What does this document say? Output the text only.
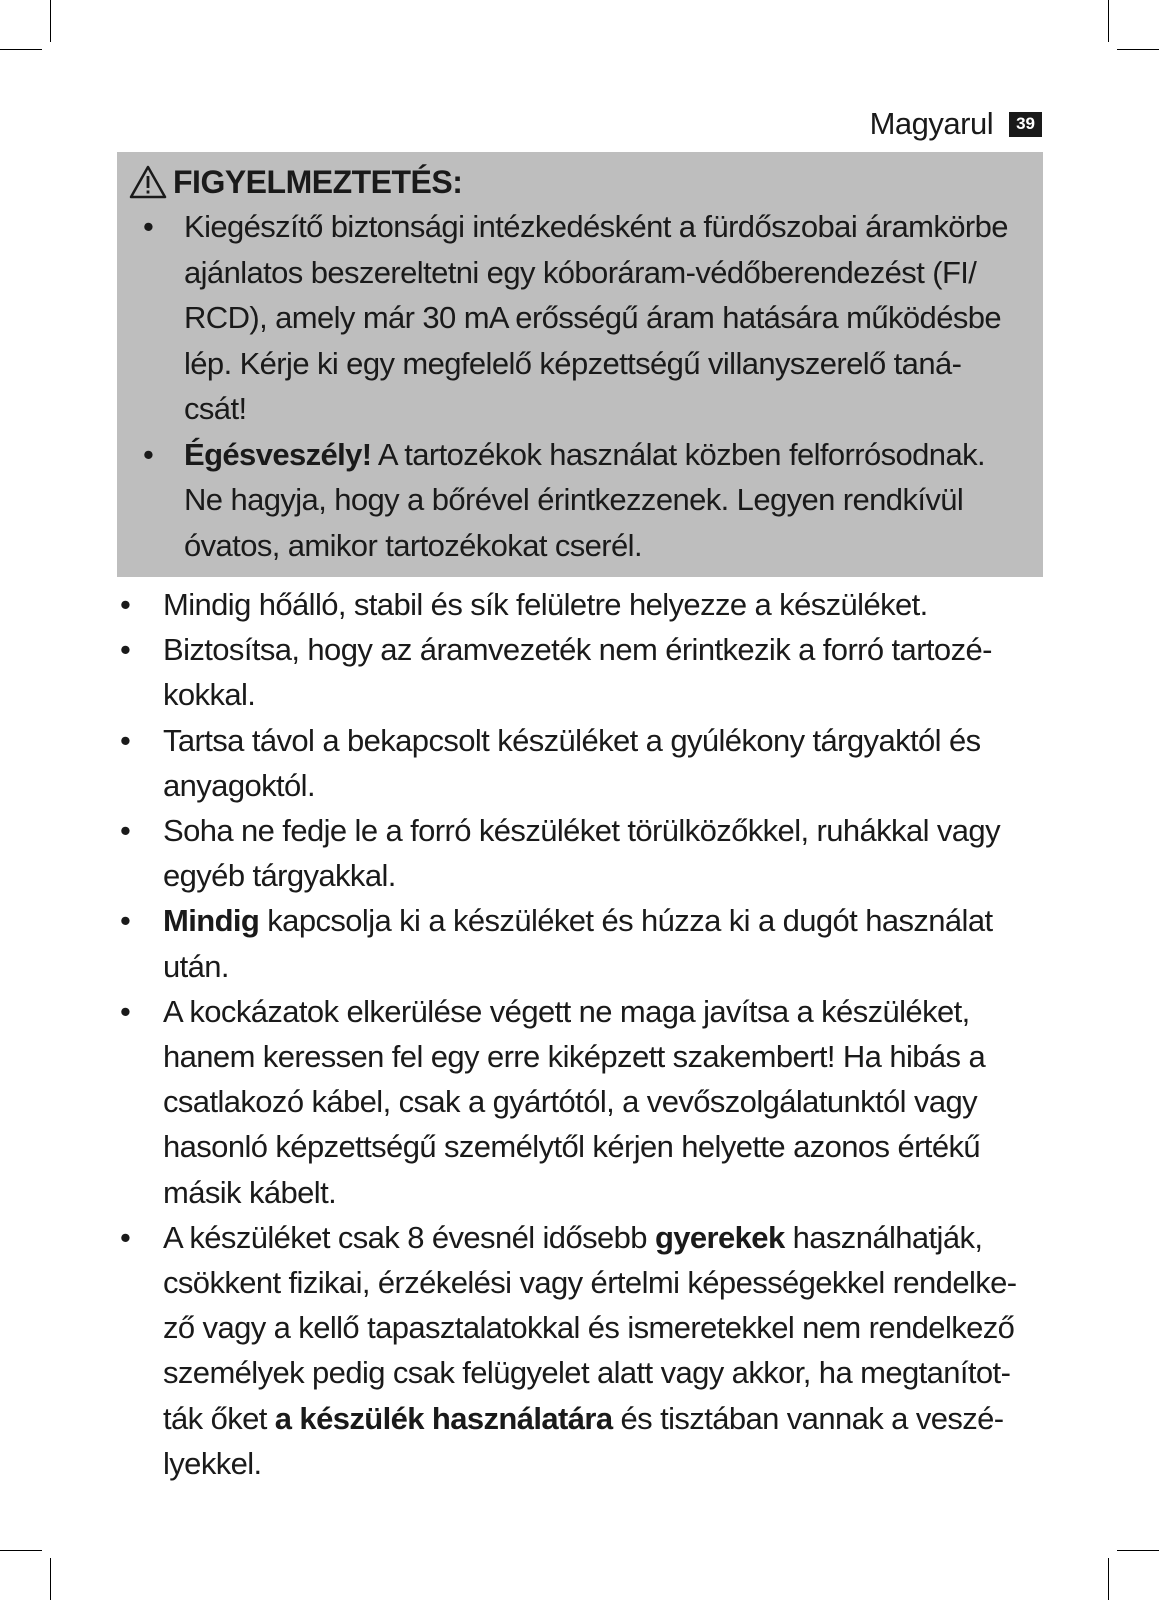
Magyarul	39
FIGYELMEZTETÉS:
• Kiegészítő biztonsági intézkedésként a fürdőszobai áramkörbe ajánlatos beszereltetni egy kóboráram-védőberendezést (FI/ RCD), amely már 30 mA erősségű áram hatására működésbe lép. Kérje ki egy megfelelő képzettségű villanyszerelő taná- csát!
• Égésveszély! A tartozékok használat közben felforrósodnak. Ne hagyja, hogy a bőrével érintkezzenek. Legyen rendkívül óvatos, amikor tartozékokat cserél.
• Mindig hőálló, stabil és sík felületre helyezze a készüléket.
• Biztosítsa, hogy az áramvezeték nem érintkezik a forró tartozé- kokkal.
• Tartsa távol a bekapcsolt készüléket a gyúlékony tárgyaktól és anyagoktól.
• Soha ne fedje le a forró készüléket törülközőkkel, ruhákkal vagy egyéb tárgyakkal.
• Mindig kapcsolja ki a készüléket és húzza ki a dugót használat után.
• A kockázatok elkerülése végett ne maga javítsa a készüléket, hanem keressen fel egy erre kiképzett szakembert! Ha hibás a csatlakozó kábel, csak a gyártótól, a vevőszolgálatunktól vagy hasonló képzettségű személytől kérjen helyette azonos értékű másik kábelt.
• A készüléket csak 8 évesnél idősebb gyerekek használhatják, csökkent fizikai, érzékelési vagy értelmi képességekkel rendelke- ző vagy a kellő tapasztalatokkal és ismeretekkel nem rendelkező személyek pedig csak felügyelet alatt vagy akkor, ha megtanítot- ták őket a készülék használatára és tisztában vannak a veszé- lyekkel.
